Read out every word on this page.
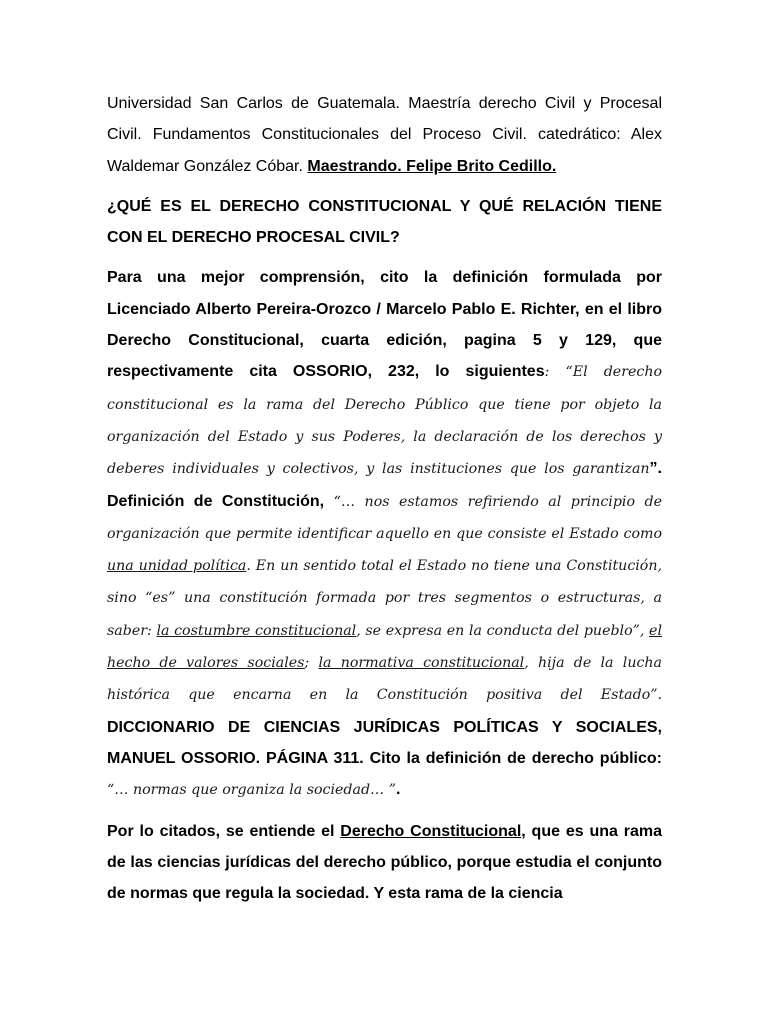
Universidad San Carlos de Guatemala. Maestría derecho Civil y Procesal Civil. Fundamentos Constitucionales del Proceso Civil. catedrático: Alex Waldemar González Cóbar. Maestrando. Felipe Brito Cedillo.

¿QUÉ ES EL DERECHO CONSTITUCIONAL Y QUÉ RELACIÓN TIENE CON EL DERECHO PROCESAL CIVIL?

Para una mejor comprensión, cito la definición formulada por Licenciado Alberto Pereira-Orozco / Marcelo Pablo E. Richter, en el libro Derecho Constitucional, cuarta edición, pagina 5 y 129, que respectivamente cita OSSORIO, 232, lo siguientes: “El derecho constitucional es la rama del Derecho Público que tiene por objeto la organización del Estado y sus Poderes, la declaración de los derechos y deberes individuales y colectivos, y las instituciones que los garantizan”. Definición de Constitución, “… nos estamos refiriendo al principio de organización que permite identificar aquello en que consiste el Estado como una unidad política. En un sentido total el Estado no tiene una Constitución, sino “es” una constitución formada por tres segmentos o estructuras, a saber: la costumbre constitucional, se expresa en la conducta del pueblo”, el hecho de valores sociales; la normativa constitucional, hija de la lucha histórica que encarna en la Constitución positiva del Estado”. DICCIONARIO DE CIENCIAS JURÍDICAS POLÍTICAS Y SOCIALES, MANUEL OSSORIO. PÁGINA 311. Cito la definición de derecho público: “… normas que organiza la sociedad… ”.

Por lo citados, se entiende el Derecho Constitucional, que es una rama de las ciencias jurídicas del derecho público, porque estudia el conjunto de normas que regula la sociedad. Y esta rama de la ciencia
